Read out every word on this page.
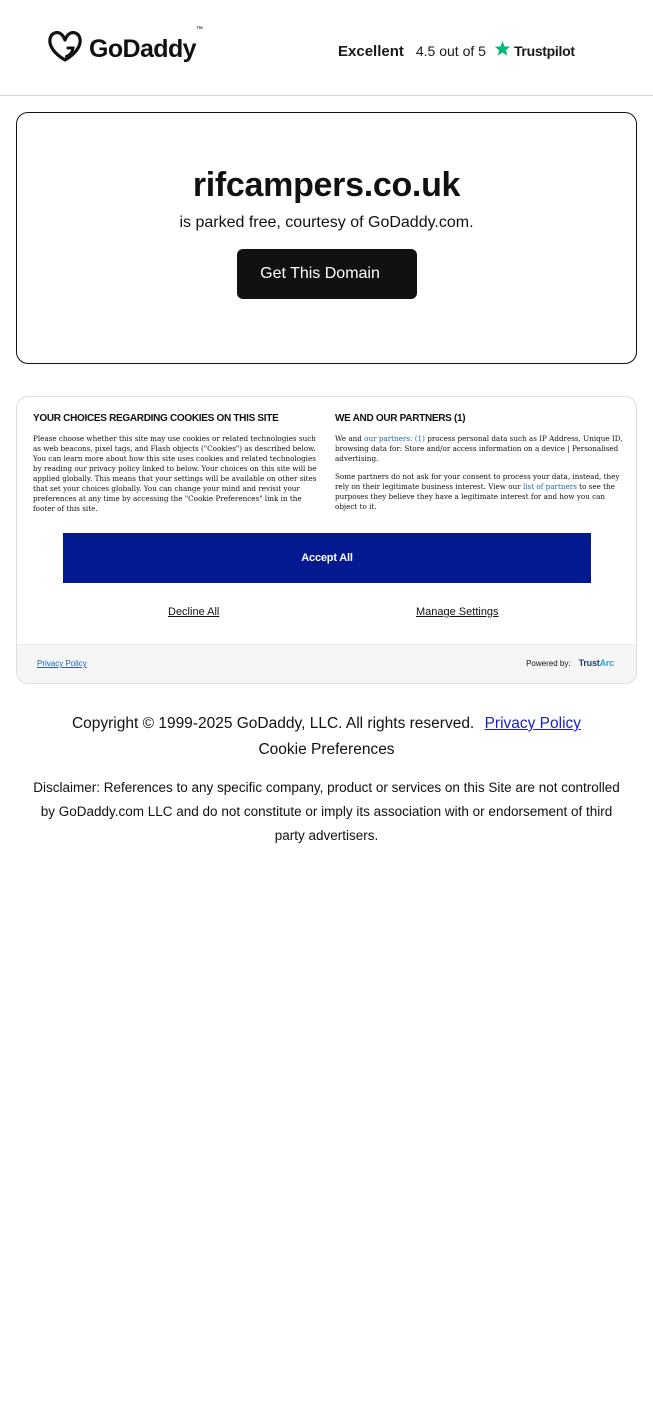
GoDaddy™
Excellent 4.5 out of 5 Trustpilot
rifcampers.co.uk
is parked free, courtesy of GoDaddy.com.
Get This Domain
YOUR CHOICES REGARDING COOKIES ON THIS SITE
Please choose whether this site may use cookies or related technologies such as web beacons, pixel tags, and Flash objects ("Cookies") as described below. You can learn more about how this site uses cookies and related technologies by reading our privacy policy linked to below. Your choices on this site will be applied globally. This means that your settings will be available on other sites that set your choices globally. You can change your mind and revisit your preferences at any time by accessing the "Cookie Preferences" link in the footer of this site.
WE AND OUR PARTNERS (1)
We and our partners: (1) process personal data such as IP Address, Unique ID, browsing data for: Store and/or access information on a device | Personalised advertising.
Some partners do not ask for your consent to process your data, instead, they rely on their legitimate business interest. View our list of partners to see the purposes they believe they have a legitimate interest for and how you can object to it.
Accept All
Decline All	Manage Settings
Privacy Policy	Powered by: TrustArc
Copyright © 1999-2025 GoDaddy, LLC. All rights reserved. Privacy Policy
Cookie Preferences
Disclaimer: References to any specific company, product or services on this Site are not controlled by GoDaddy.com LLC and do not constitute or imply its association with or endorsement of third party advertisers.
